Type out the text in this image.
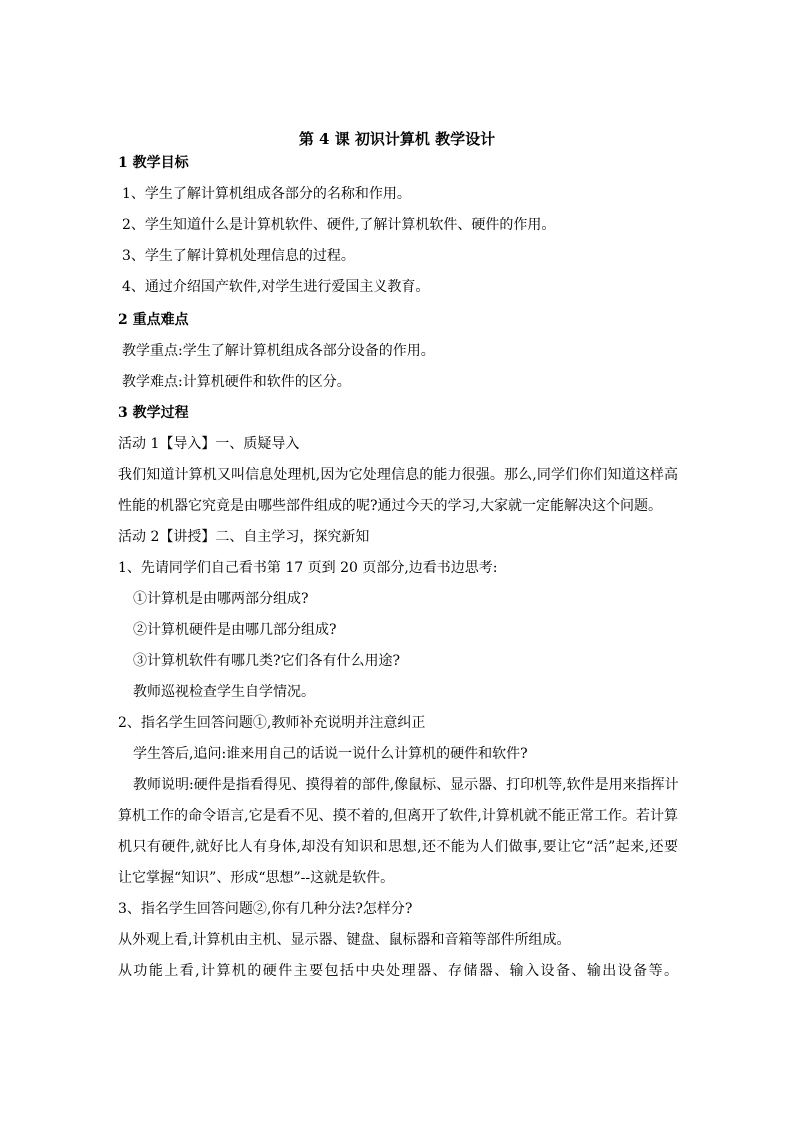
第 4 课 初识计算机 教学设计
1 教学目标
1、学生了解计算机组成各部分的名称和作用。
2、学生知道什么是计算机软件、硬件,了解计算机软件、硬件的作用。
3、学生了解计算机处理信息的过程。
4、通过介绍国产软件,对学生进行爱国主义教育。
2 重点难点
教学重点:学生了解计算机组成各部分设备的作用。
教学难点:计算机硬件和软件的区分。
3 教学过程
活动 1【导入】一、质疑导入
我们知道计算机又叫信息处理机,因为它处理信息的能力很强。那么,同学们你们知道这样高
性能的机器它究竟是由哪些部件组成的呢?通过今天的学习,大家就一定能解决这个问题。
活动 2【讲授】二、自主学习，探究新知
1、先请同学们自己看书第 17 页到 20 页部分,边看书边思考:
①计算机是由哪两部分组成?
②计算机硬件是由哪几部分组成?
③计算机软件有哪几类?它们各有什么用途?
教师巡视检查学生自学情况。
2、指名学生回答问题①,教师补充说明并注意纠正
学生答后,追问:谁来用自己的话说一说什么计算机的硬件和软件?
教师说明:硬件是指看得见、摸得着的部件,像鼠标、显示器、打印机等,软件是用来指挥计
算机工作的命令语言,它是看不见、摸不着的,但离开了软件,计算机就不能正常工作。若计算
机只有硬件,就好比人有身体,却没有知识和思想,还不能为人们做事,要让它“活”起来,还要
让它掌握“知识”、形成“思想”--这就是软件。
3、指名学生回答问题②,你有几种分法?怎样分?
从外观上看,计算机由主机、显示器、键盘、鼠标器和音箱等部件所组成。
从功能上看,计算机的硬件主要包括中央处理器、存储器、输入设备、输出设备等。
